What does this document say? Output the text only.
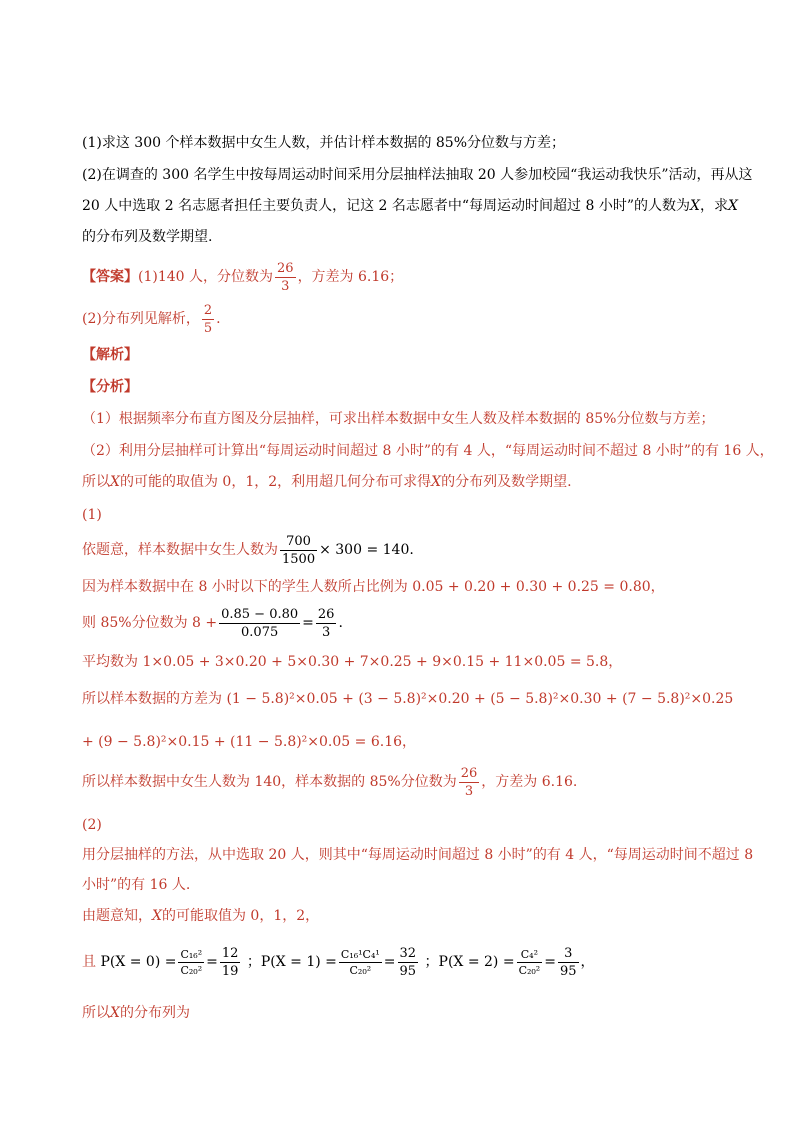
(1)求这 300 个样本数据中女生人数，并估计样本数据的 85%分位数与方差；
(2)在调查的 300 名学生中按每周运动时间采用分层抽样法抽取 20 人参加校园“我运动我快乐”活动，再从这
20 人中选取 2 名志愿者担任主要负责人，记这 2 名志愿者中“每周运动时间超过 8 小时”的人数为X，求X
的分布列及数学期望.
【答案】(1)140 人，分位数为 $\frac{26}{3}$ ，方差为 6.16；
(2)分布列见解析， $\frac{2}{5}$ .
【解析】
【分析】
（1）根据频率分布直方图及分层抽样，可求出样本数据中女生人数及样本数据的 85%分位数与方差；
（2）利用分层抽样可计算出“每周运动时间超过 8 小时”的有 4 人，“每周运动时间不超过 8 小时”的有 16 人，
所以X的可能的取值为 0，1，2，利用超几何分布可求得X的分布列及数学期望.
(1)
依题意，样本数据中女生人数为 $\frac{700}{1500} \times 300 = 140$.
因为样本数据中在 8 小时以下的学生人数所占比例为 0.05 + 0.20 + 0.30 + 0.25 = 0.80，
则 85%分位数为 $8 + \frac{0.85 - 0.80}{0.075} = \frac{26}{3}$ .
平均数为 1×0.05 + 3×0.20 + 5×0.30 + 7×0.25 + 9×0.15 + 11×0.05 = 5.8，
所以样本数据的方差为 (1 − 5.8)²×0.05 + (3 − 5.8)²×0.20 + (5 − 5.8)²×0.30 + (7 − 5.8)²×0.25
+ (9 − 5.8)²×0.15 + (11 − 5.8)²×0.05 = 6.16，
所以样本数据中女生人数为 140，样本数据的 85%分位数为 $\frac{26}{3}$ ，方差为 6.16.
(2)
用分层抽样的方法，从中选取 20 人，则其中“每周运动时间超过 8 小时”的有 4 人，“每周运动时间不超过 8
小时”的有 16 人.
由题意知，X的可能取值为 0，1，2，
且 $P(X = 0) = \frac{\text{C₁₆²}}{\text{C₂₀²}} = \frac{12}{19}$ ；$P(X = 1) = \frac{\text{C₁₆¹C₄¹}}{\text{C₂₀²}} = \frac{32}{95}$ ；$P(X = 2) = \frac{\text{C₄²}}{\text{C₂₀²}} = \frac{3}{95}$ ，
所以X的分布列为
